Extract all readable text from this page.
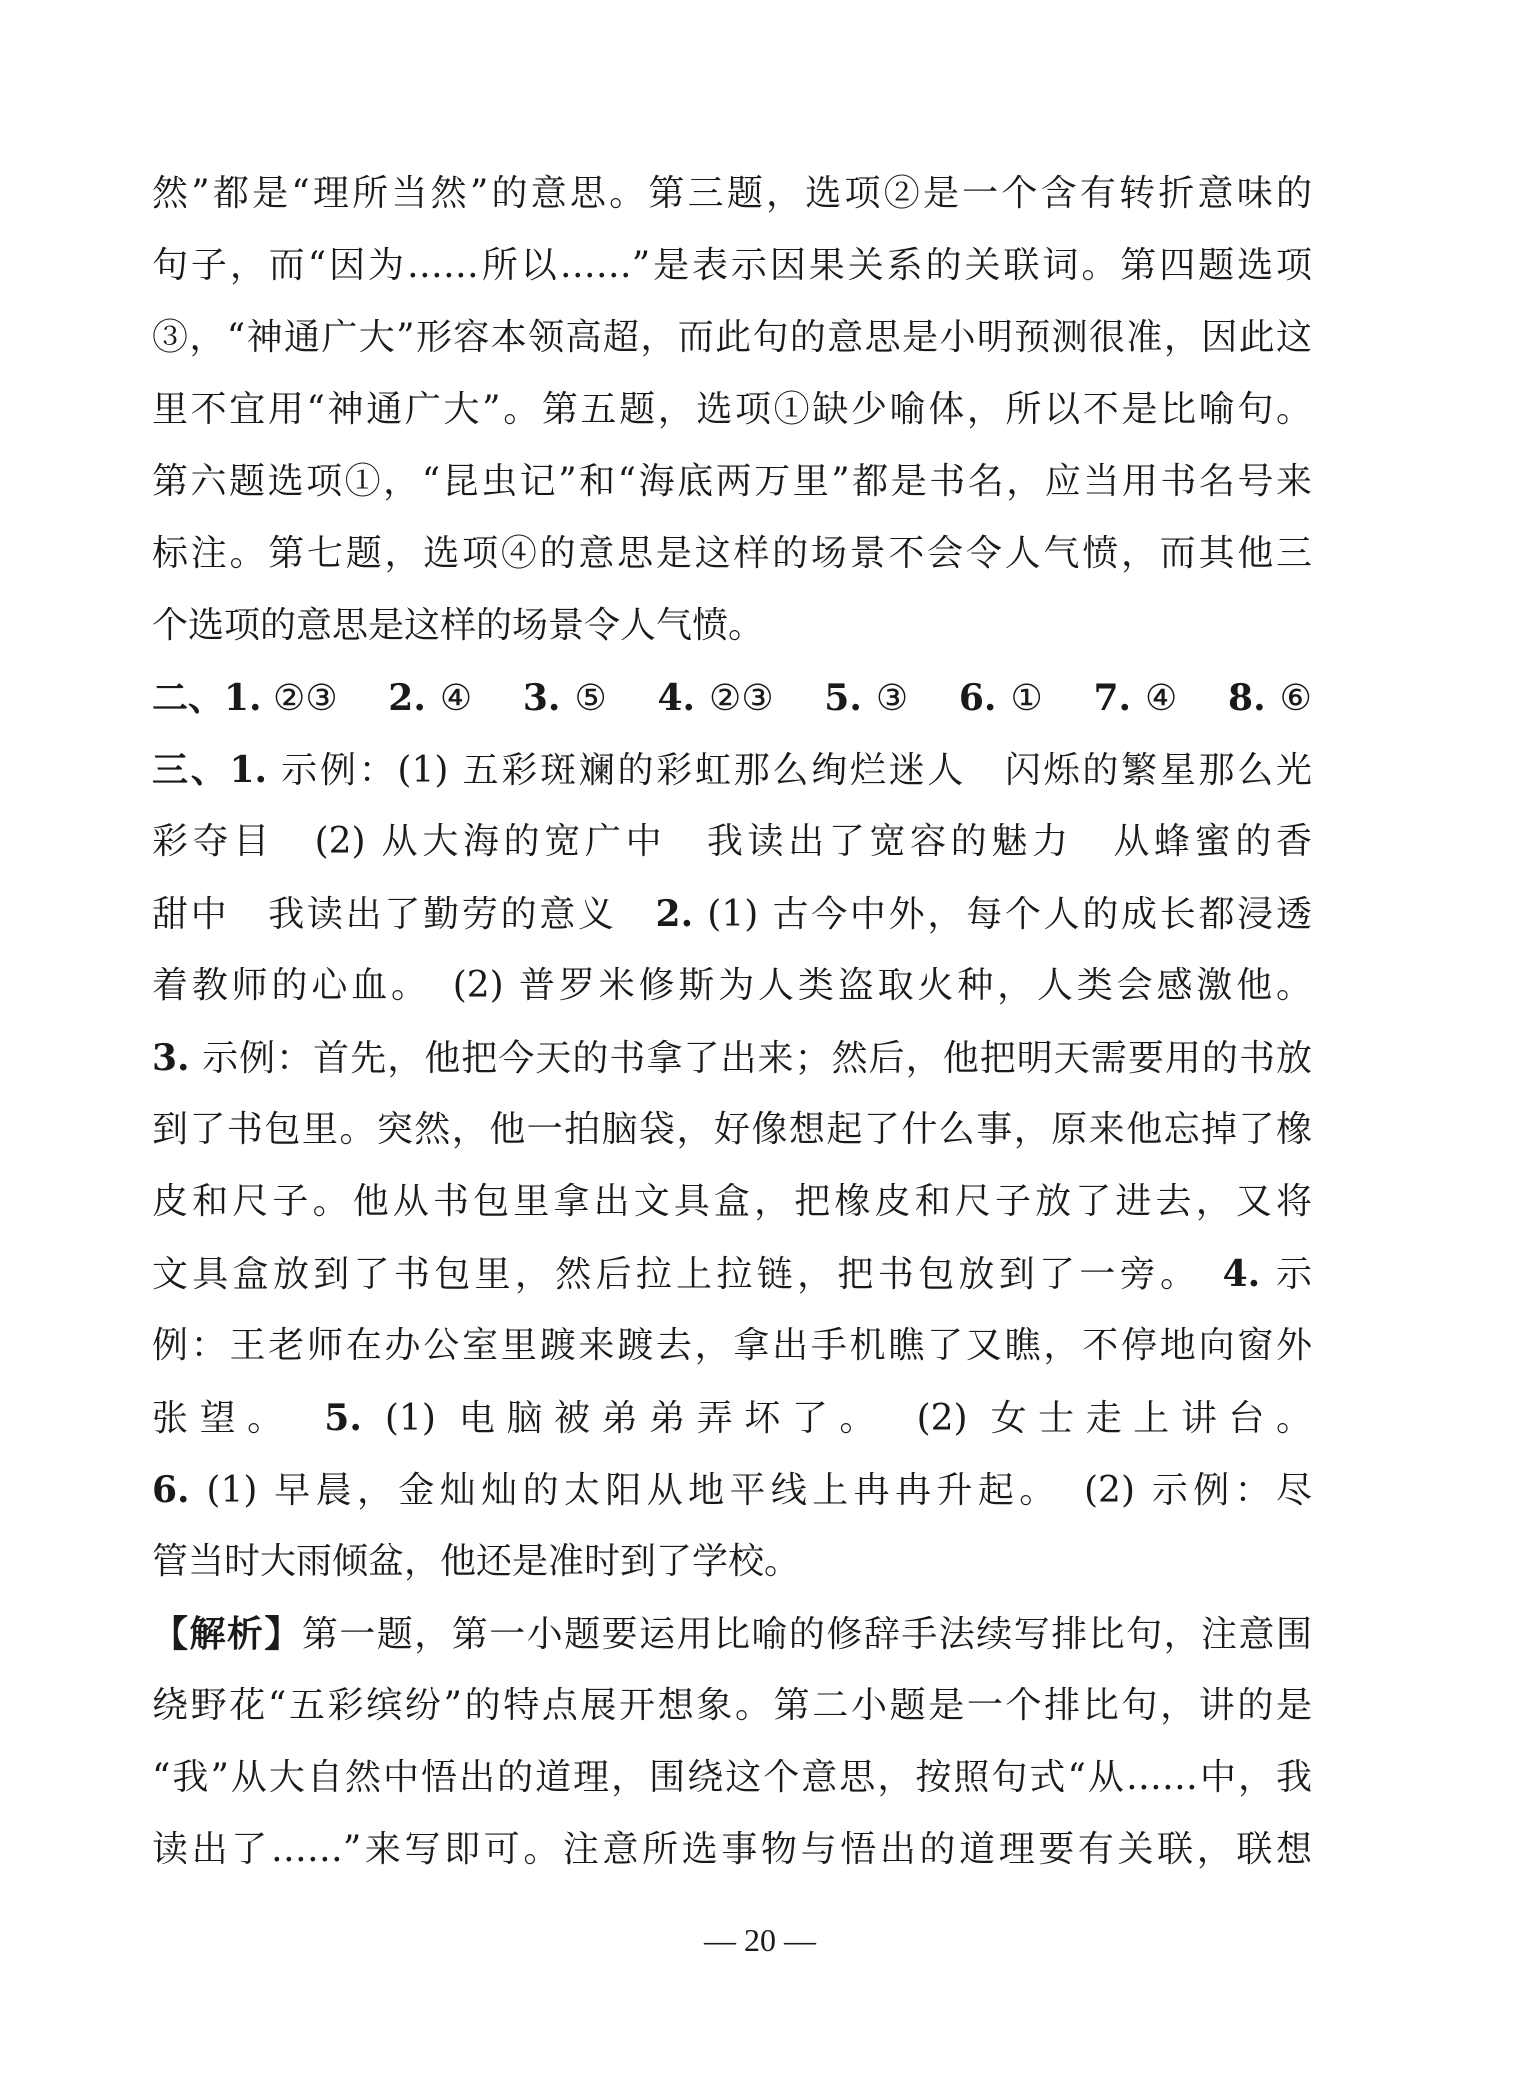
然”都是“理所当然”的意思。第三题，选项②是一个含有转折意味的
句子，而“因为……所以……”是表示因果关系的关联词。第四题选项
③，“神通广大”形容本领高超，而此句的意思是小明预测很准，因此这
里不宜用“神通广大”。第五题，选项①缺少喻体，所以不是比喻句。
第六题选项①，“昆虫记”和“海底两万里”都是书名，应当用书名号来
标注。第七题，选项④的意思是这样的场景不会令人气愤，而其他三
个选项的意思是这样的场景令人气愤。
二、1. ②③ 2. ④ 3. ⑤ 4. ②③ 5. ③ 6. ① 7. ④ 8. ⑥
三、1. 示例：(1) 五彩斑斓的彩虹那么绚烂迷人　闪烁的繁星那么光
彩夺目　(2) 从大海的宽广中　我读出了宽容的魅力　从蜂蜜的香
甜中　我读出了勤劳的意义　2. (1) 古今中外，每个人的成长都浸透
着教师的心血。　(2) 普罗米修斯为人类盗取火种，人类会感激他。
3. 示例：首先，他把今天的书拿了出来；然后，他把明天需要用的书放
到了书包里。突然，他一拍脑袋，好像想起了什么事，原来他忘掉了橡
皮和尺子。他从书包里拿出文具盒，把橡皮和尺子放了进去，又将
文具盒放到了书包里，然后拉上拉链，把书包放到了一旁。　4. 示
例：王老师在办公室里踱来踱去，拿出手机瞧了又瞧，不停地向窗外
张望。　5. (1) 电脑被弟弟弄坏了。　(2) 女士走上讲台。
6. (1) 早晨，金灿灿的太阳从地平线上冉冉升起。　(2) 示例：尽
管当时大雨倾盆，他还是准时到了学校。
【解析】第一题，第一小题要运用比喻的修辞手法续写排比句，注意围
绕野花“五彩缤纷”的特点展开想象。第二小题是一个排比句，讲的是
“我”从大自然中悟出的道理，围绕这个意思，按照句式“从……中，我
读出了……”来写即可。注意所选事物与悟出的道理要有关联，联想
— 20 —
